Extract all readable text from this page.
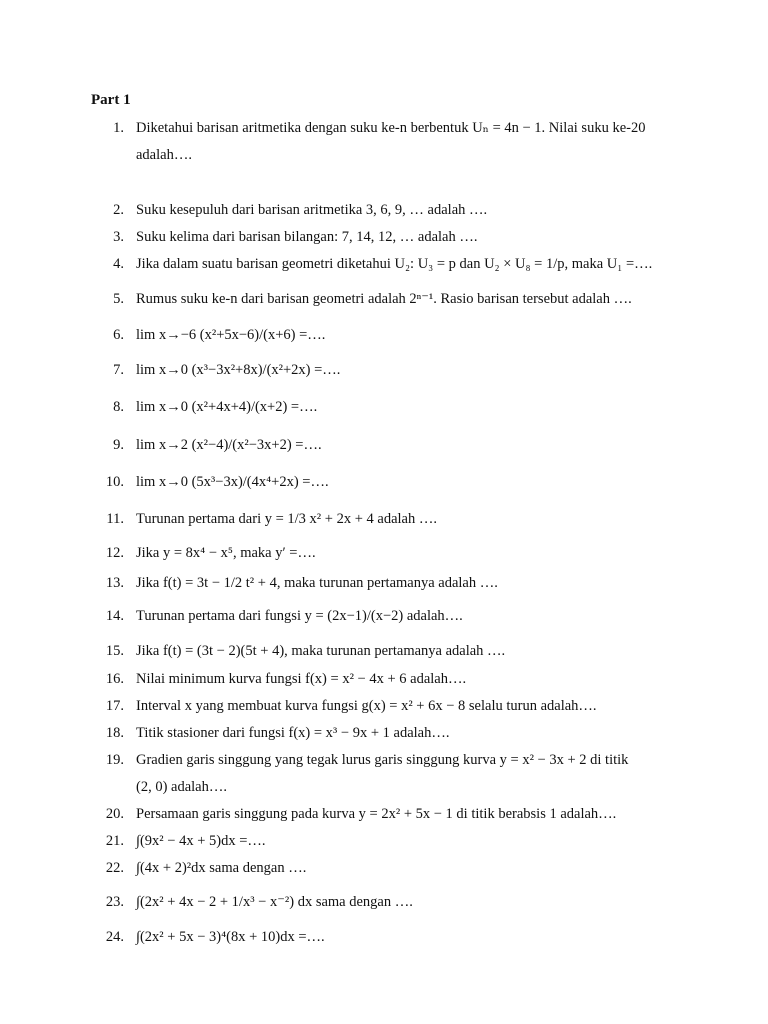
Part 1
1. Diketahui barisan aritmetika dengan suku ke-n berbentuk Uₙ = 4n − 1. Nilai suku ke-20
adalah….
2. Suku kesepuluh dari barisan aritmetika 3, 6, 9, … adalah ….
3. Suku kelima dari barisan bilangan: 7, 14, 12, … adalah ….
4. Jika dalam suatu barisan geometri diketahui U₂: U₃ = p dan U₂ × U₈ = 1/p, maka U₁ =….
5. Rumus suku ke-n dari barisan geometri adalah 2ⁿ⁻¹. Rasio barisan tersebut adalah ….
6. lim x→−6 (x²+5x−6)/(x+6) =….
7. lim x→0 (x³−3x²+8x)/(x²+2x) =….
8. lim x→0 (x²+4x+4)/(x+2) =….
9. lim x→2 (x²−4)/(x²−3x+2) =….
10. lim x→0 (5x³−3x)/(4x⁴+2x) =….
11. Turunan pertama dari y = 1/3 x² + 2x + 4 adalah ….
12. Jika y = 8x⁴ − x⁵, maka y′ =….
13. Jika f(t) = 3t − 1/2 t² + 4, maka turunan pertamanya adalah ….
14. Turunan pertama dari fungsi y = (2x−1)/(x−2) adalah….
15. Jika f(t) = (3t − 2)(5t + 4), maka turunan pertamanya adalah ….
16. Nilai minimum kurva fungsi f(x) = x² − 4x + 6 adalah….
17. Interval x yang membuat kurva fungsi g(x) = x² + 6x − 8 selalu turun adalah….
18. Titik stasioner dari fungsi f(x) = x³ − 9x + 1 adalah….
19. Gradien garis singgung yang tegak lurus garis singgung kurva y = x² − 3x + 2 di titik
(2, 0) adalah….
20. Persamaan garis singgung pada kurva y = 2x² + 5x − 1 di titik berabsis 1 adalah….
21. ∫(9x² − 4x + 5)dx =….
22. ∫(4x + 2)²dx sama dengan ….
23. ∫(2x² + 4x − 2 + 1/x³ − x⁻²) dx sama dengan ….
24. ∫(2x² + 5x − 3)⁴(8x + 10)dx =….
